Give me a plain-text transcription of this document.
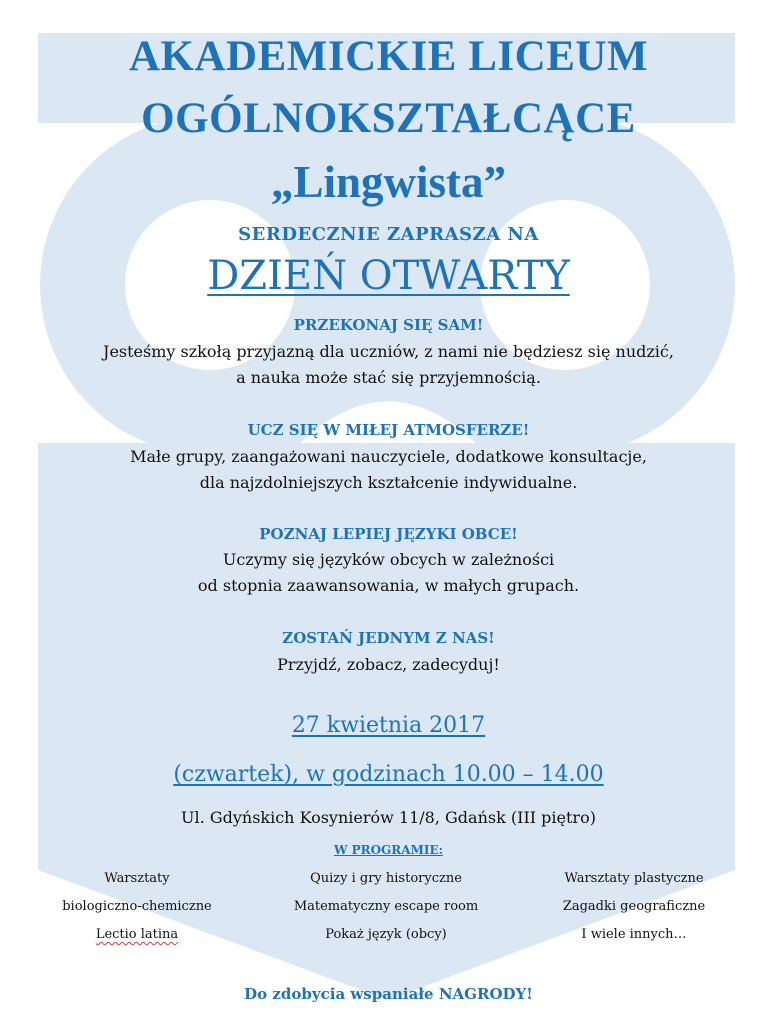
AKADEMICKIE LICEUM
OGÓLNOKSZTAŁCĄCE
„Lingwista”
SERDECZNIE ZAPRASZA NA
DZIEŃ OTWARTY
PRZEKONAJ SIĘ SAM!
Jesteśmy szkołą przyjazną dla uczniów, z nami nie będziesz się nudzić,
a nauka może stać się przyjemnością.
UCZ SIĘ W MIŁEJ ATMOSFERZE!
Małe grupy, zaangażowani nauczyciele, dodatkowe konsultacje,
dla najzdolniejszych kształcenie indywidualne.
POZNAJ LEPIEJ JĘZYKI OBCE!
Uczymy się języków obcych w zależności
od stopnia zaawansowania, w małych grupach.
ZOSTAŃ JEDNYM Z NAS!
Przyjdź, zobacz, zadecyduj!
27 kwietnia 2017
(czwartek), w godzinach 10.00 – 14.00
Ul. Gdyńskich Kosynierów 11/8, Gdańsk (III piętro)
W PROGRAMIE:
Warsztaty
biologiczno-chemiczne
Lectio latina
Quizy i gry historyczne
Matematyczny escape room
Pokaż język (obcy)
Warsztaty plastyczne
Zagadki geograficzne
I wiele innych…
Do zdobycia wspaniałe NAGRODY!
